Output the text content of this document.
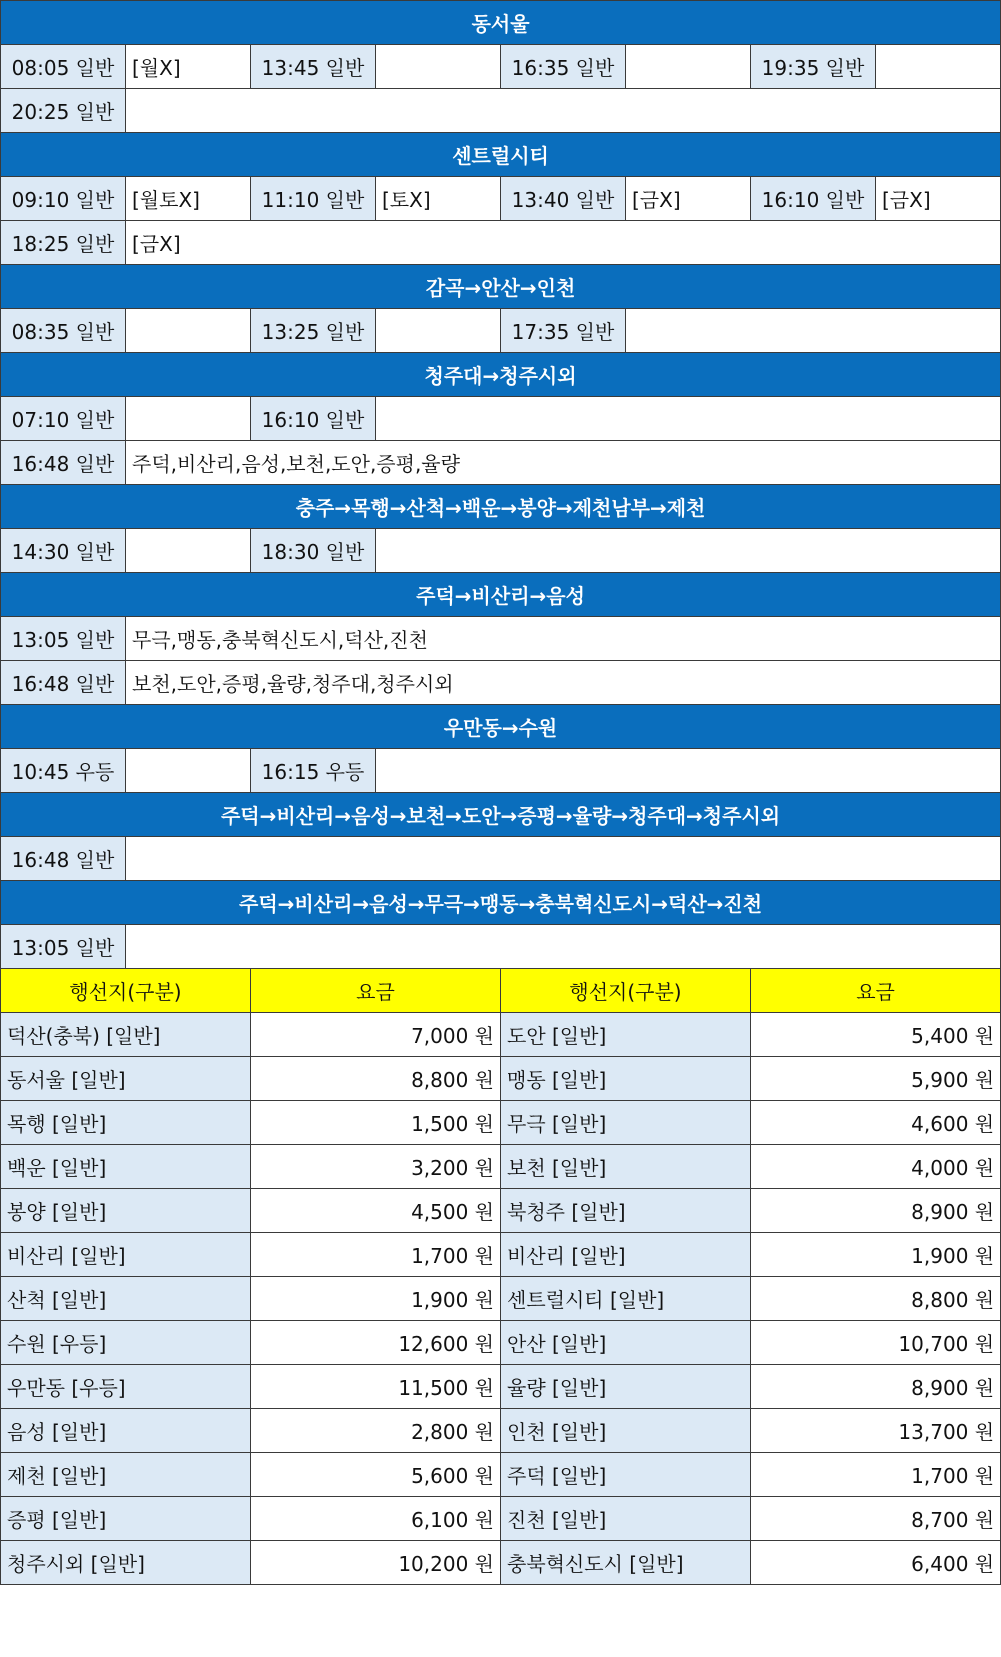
동서울							
08:05 일반	[월X]	13:45 일반		16:35 일반		19:35 일반	
20:25 일반							
센트럴시티							
09:10 일반	[월토X]	11:10 일반	[토X]	13:40 일반	[금X]	16:10 일반	[금X]
18:25 일반	[금X]						
감곡→안산→인천							
08:35 일반		13:25 일반		17:35 일반			
청주대→청주시외							
07:10 일반		16:10 일반					
16:48 일반	주덕,비산리,음성,보천,도안,증평,율량						
충주→목행→산척→백운→봉양→제천남부→제천							
14:30 일반		18:30 일반					
주덕→비산리→음성							
13:05 일반	무극,맹동,충북혁신도시,덕산,진천						
16:48 일반	보천,도안,증평,율량,청주대,청주시외						
우만동→수원							
10:45 우등		16:15 우등					
주덕→비산리→음성→보천→도안→증평→율량→청주대→청주시외							
16:48 일반							
주덕→비산리→음성→무극→맹동→충북혁신도시→덕산→진천							
13:05 일반							
행선지(구분)		요금		행선지(구분)		요금	
덕산(충북) [일반]		7,000 원		도안 [일반]		5,400 원	
동서울 [일반]		8,800 원		맹동 [일반]		5,900 원	
목행 [일반]		1,500 원		무극 [일반]		4,600 원	
백운 [일반]		3,200 원		보천 [일반]		4,000 원	
봉양 [일반]		4,500 원		북청주 [일반]		8,900 원	
비산리 [일반]		1,700 원		비산리 [일반]		1,900 원	
산척 [일반]		1,900 원		센트럴시티 [일반]		8,800 원	
수원 [우등]		12,600 원		안산 [일반]		10,700 원	
우만동 [우등]		11,500 원		율량 [일반]		8,900 원	
음성 [일반]		2,800 원		인천 [일반]		13,700 원	
제천 [일반]		5,600 원		주덕 [일반]		1,700 원	
증평 [일반]		6,100 원		진천 [일반]		8,700 원	
청주시외 [일반]		10,200 원		충북혁신도시 [일반]		6,400 원	
